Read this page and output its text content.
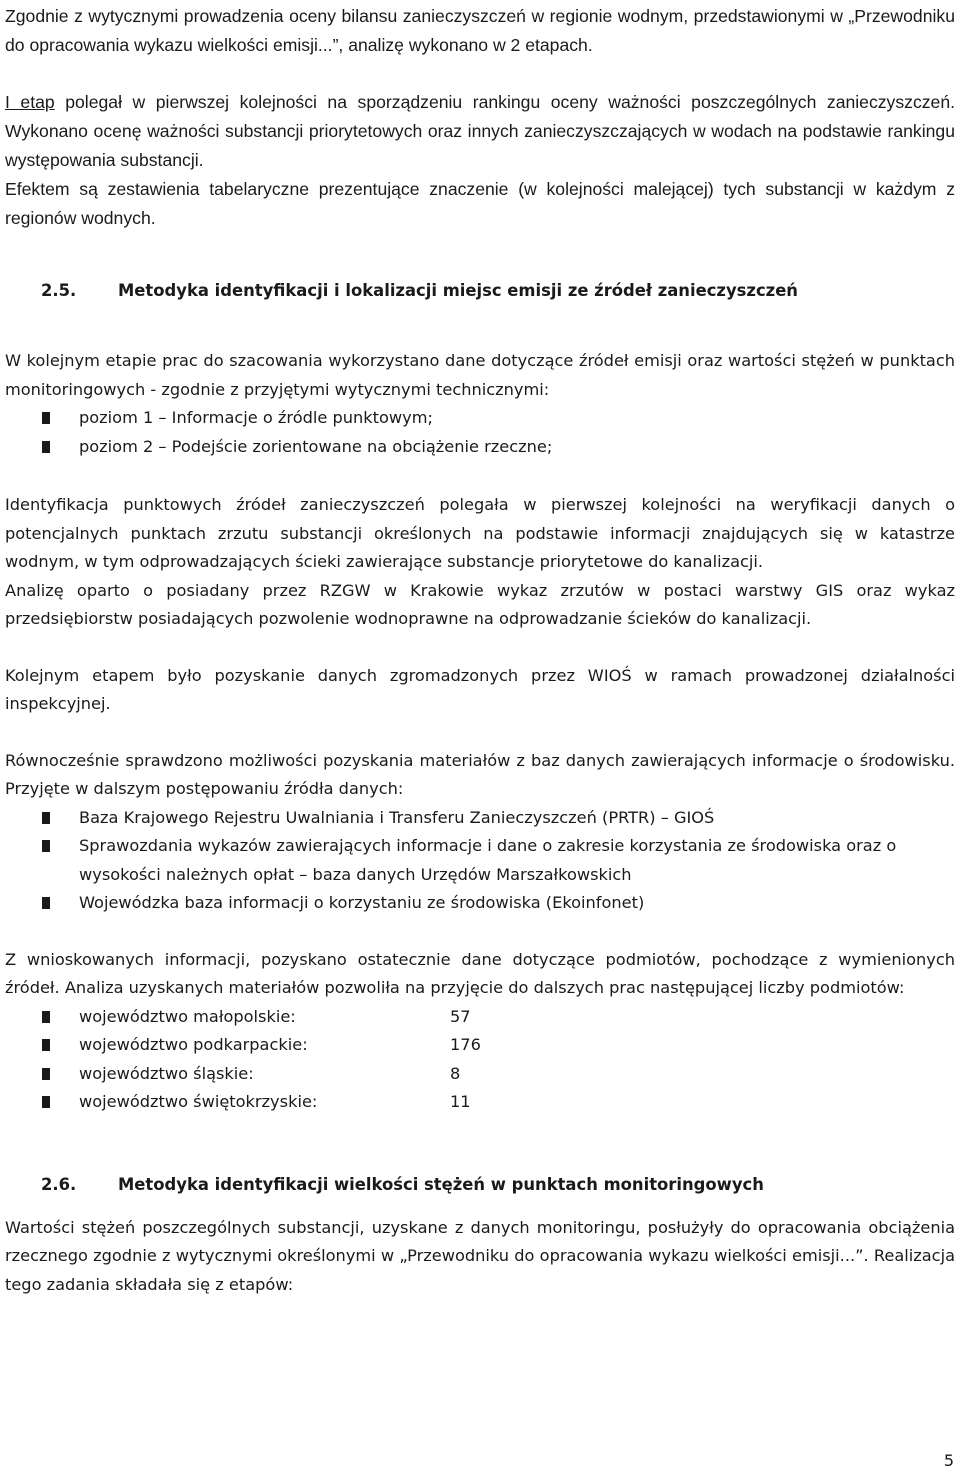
Zgodnie z wytycznymi prowadzenia oceny bilansu zanieczyszczeń w regionie wodnym, przedstawionymi w „Przewodniku do opracowania wykazu wielkości emisji...”, analizę wykonano w 2 etapach.

I etap polegał w pierwszej kolejności na sporządzeniu rankingu oceny ważności poszczególnych zanieczyszczeń. Wykonano ocenę ważności substancji priorytetowych oraz innych zanieczyszczających w wodach na podstawie rankingu występowania substancji.

Efektem są zestawienia tabelaryczne prezentujące znaczenie (w kolejności malejącej) tych substancji w każdym z regionów wodnych.

2.5.	Metodyka identyfikacji i lokalizacji miejsc emisji ze źródeł zanieczyszczeń

W kolejnym etapie prac do szacowania wykorzystano dane dotyczące źródeł emisji oraz wartości stężeń w punktach monitoringowych - zgodnie z przyjętymi wytycznymi technicznymi:

poziom 1 – Informacje o źródle punktowym;
poziom 2 – Podejście zorientowane na obciążenie rzeczne;

Identyfikacja punktowych źródeł zanieczyszczeń polegała w pierwszej kolejności na weryfikacji danych o potencjalnych punktach zrzutu substancji określonych na podstawie informacji znajdujących się w katastrze wodnym, w tym odprowadzających ścieki zawierające substancje priorytetowe do kanalizacji.

Analizę oparto o posiadany przez RZGW w Krakowie wykaz zrzutów w postaci warstwy GIS oraz wykaz przedsiębiorstw posiadających pozwolenie wodnoprawne na odprowadzanie ścieków do kanalizacji.

Kolejnym etapem było pozyskanie danych zgromadzonych przez WIOŚ w ramach prowadzonej działalności inspekcyjnej.

Równocześnie sprawdzono możliwości pozyskania materiałów z baz danych zawierających informacje o środowisku. Przyjęte w dalszym postępowaniu źródła danych:

Baza Krajowego Rejestru Uwalniania i Transferu Zanieczyszczeń (PRTR) – GIOŚ
Sprawozdania wykazów zawierających informacje i dane o zakresie korzystania ze środowiska oraz o wysokości należnych opłat – baza danych Urzędów Marszałkowskich
Wojewódzka baza informacji o korzystaniu ze środowiska (Ekoinfonet)

Z wnioskowanych informacji, pozyskano ostatecznie dane dotyczące podmiotów, pochodzące z wymienionych źródeł. Analiza uzyskanych materiałów pozwoliła na przyjęcie do dalszych prac następującej liczby podmiotów:

województwo małopolskie:	57
województwo podkarpackie:	176
województwo śląskie:	8
województwo świętokrzyskie:	11
2.6.	Metodyka identyfikacji wielkości stężeń w punktach monitoringowych

Wartości stężeń poszczególnych substancji, uzyskane z danych monitoringu, posłużyły do opracowania obciążenia rzecznego zgodnie z wytycznymi określonymi w „Przewodniku do opracowania wykazu wielkości emisji...”. Realizacja tego zadania składała się z etapów:

5
